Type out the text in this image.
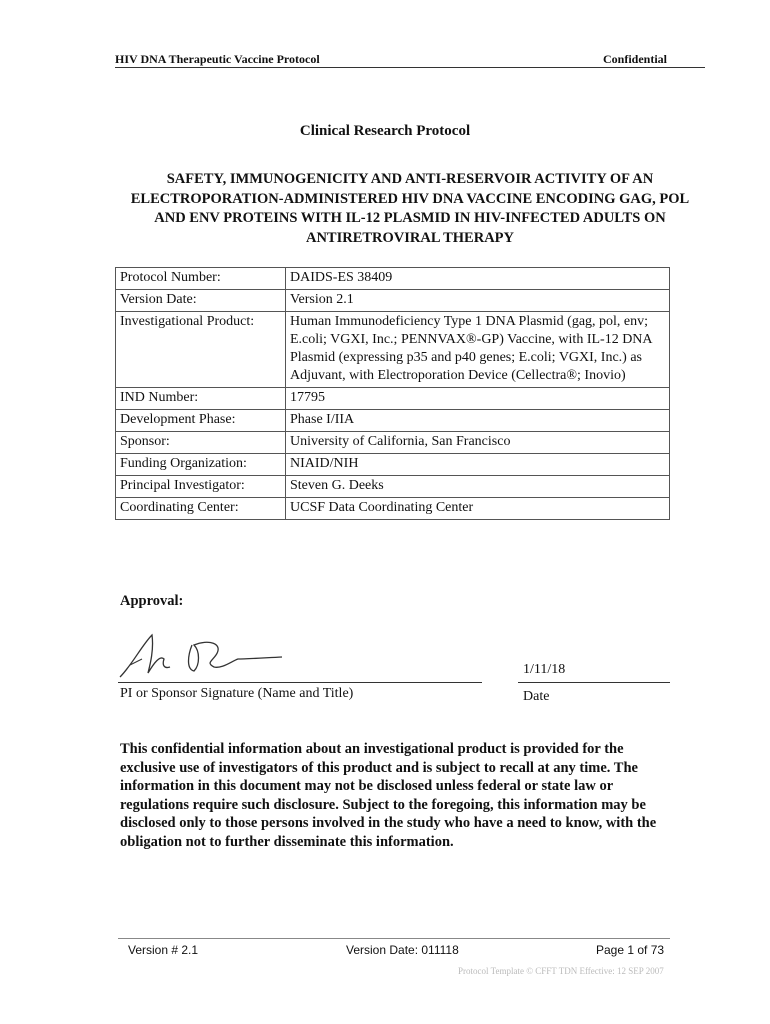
HIV DNA Therapeutic Vaccine Protocol	Confidential
Clinical Research Protocol
SAFETY, IMMUNOGENICITY AND ANTI-RESERVOIR ACTIVITY OF AN ELECTROPORATION-ADMINISTERED HIV DNA VACCINE ENCODING GAG, POL AND ENV PROTEINS WITH IL-12 PLASMID IN HIV-INFECTED ADULTS ON ANTIRETROVIRAL THERAPY
Protocol Number:	DAIDS-ES 38409
Version Date:	Version 2.1
Investigational Product:	Human Immunodeficiency Type 1 DNA Plasmid (gag, pol, env; E.coli; VGXI, Inc.; PENNVAX®-GP) Vaccine, with IL-12 DNA Plasmid (expressing p35 and p40 genes; E.coli; VGXI, Inc.) as Adjuvant, with Electroporation Device (Cellectra®; Inovio)
IND Number:	17795
Development Phase:	Phase I/IIA
Sponsor:	University of California, San Francisco
Funding Organization:	NIAID/NIH
Principal Investigator:	Steven G. Deeks
Coordinating Center:	UCSF Data Coordinating Center
Approval:
PI or Sponsor Signature (Name and Title)
1/11/18
Date
This confidential information about an investigational product is provided for the exclusive use of investigators of this product and is subject to recall at any time. The information in this document may not be disclosed unless federal or state law or regulations require such disclosure. Subject to the foregoing, this information may be disclosed only to those persons involved in the study who have a need to know, with the obligation not to further disseminate this information.
Version # 2.1	Version Date: 011118	Page 1 of 73
Protocol Template © CFFT TDN Effective: 12 SEP 2007
